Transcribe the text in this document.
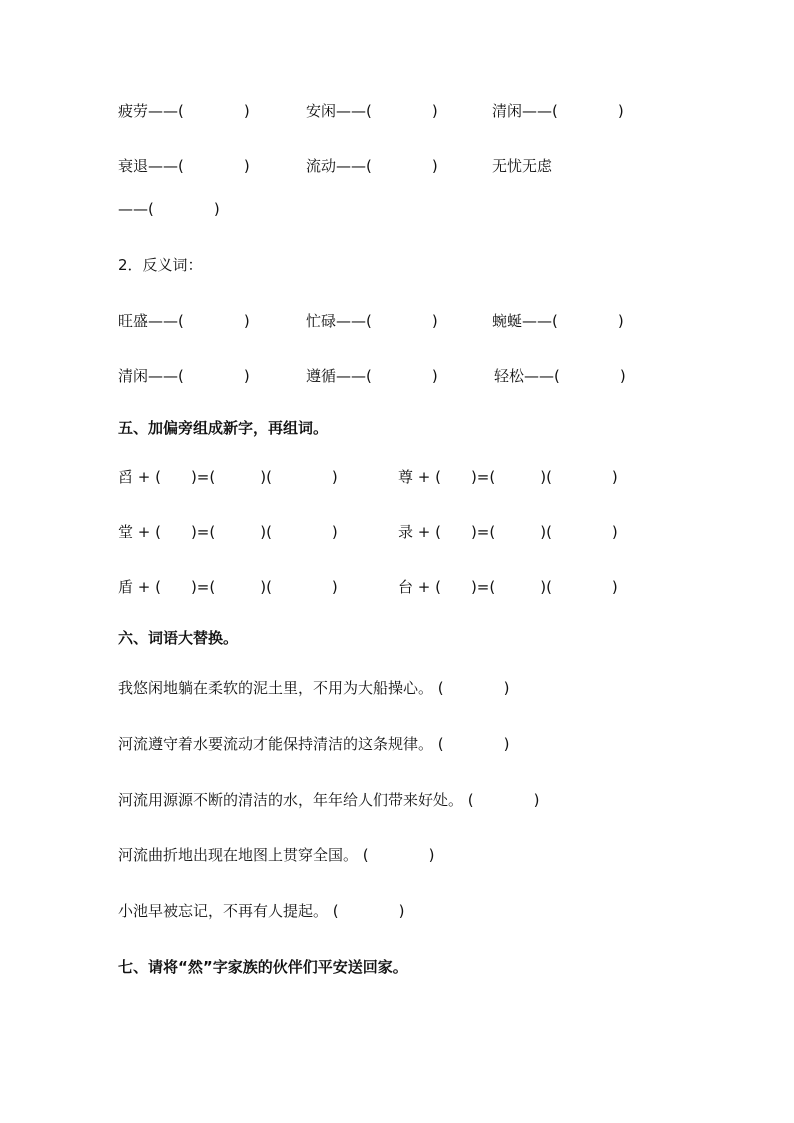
疲劳——(　　　　)	安闲——(　　　　)	清闲——(　　　　)
衰退——(　　　　)	流动——(　　　　)	无忧无虑
——(　　　　)
2．反义词：
旺盛——(　　　　)	忙碌——(　　　　)	蜿蜒——(　　　　)
清闲——(　　　　)	遵循——(　　　　)	轻松——(　　　　)
五、加偏旁组成新字，再组词。
舀 + (　　)=(　　　)(　　　　)	尊 + (　　)=(　　　)(　　　　)
堂 + (　　)=(　　　)(　　　　)	录 + (　　)=(　　　)(　　　　)
盾 + (　　)=(　　　)(　　　　)	台 + (　　)=(　　　)(　　　　)
六、词语大替换。
我悠闲地躺在柔软的泥土里，不用为大船操心。 (　　　　)
河流遵守着水要流动才能保持清洁的这条规律。 (　　　　)
河流用源源不断的清洁的水，年年给人们带来好处。 (　　　　)
河流曲折地出现在地图上贯穿全国。 (　　　　)
小池早被忘记，不再有人提起。 (　　　　)
七、请将“然”字家族的伙伴们平安送回家。
